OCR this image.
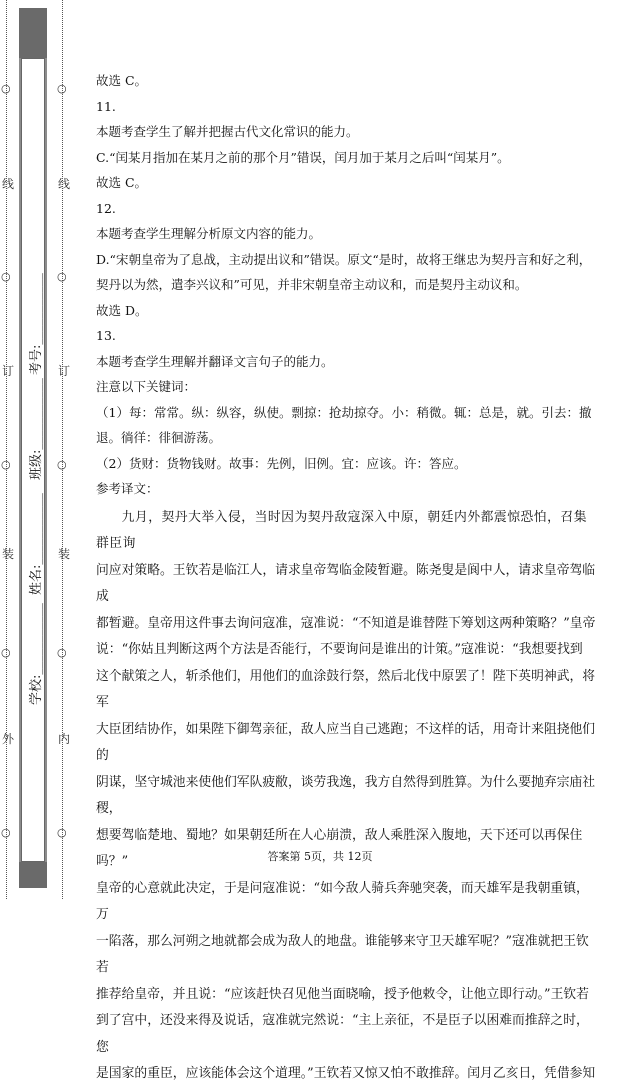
○
○
○
○
○
○
○
○
○
○
线
订
装
外
线
订
装
内
学校:___________
姓名:___________
班级:___________
考号:___________

故选 C。

11.

本题考查学生了解并把握古代文化常识的能力。

C.“闰某月指加在某月之前的那个月”错误，闰月加于某月之后叫“闰某月”。

故选 C。

12.

本题考查学生理解分析原文内容的能力。

D.“宋朝皇帝为了息战，主动提出议和”错误。原文“是时，故将王继忠为契丹言和好之利，

契丹以为然，遣李兴议和”可见，并非宋朝皇帝主动议和，而是契丹主动议和。

故选 D。

13.

本题考查学生理解并翻译文言句子的能力。

注意以下关键词：

（1）每：常常。纵：纵容，纵使。剽掠：抢劫掠夺。小：稍微。辄：总是，就。引去：撤

退。徜徉：徘徊游荡。

（2）货财：货物钱财。故事：先例，旧例。宜：应该。许：答应。

参考译文：

九月，契丹大举入侵，当时因为契丹敌寇深入中原，朝廷内外都震惊恐怕，召集群臣询

问应对策略。王钦若是临江人，请求皇帝驾临金陵暂避。陈尧叟是阆中人，请求皇帝驾临成

都暂避。皇帝用这件事去询问寇准，寇准说：“不知道是谁替陛下筹划这两种策略？”皇帝

说：“你姑且判断这两个方法是否能行，不要询问是谁出的计策。”寇准说：“我想要找到

这个献策之人，斩杀他们，用他们的血涂鼓行祭，然后北伐中原罢了！陛下英明神武，将军

大臣团结协作，如果陛下御驾亲征，敌人应当自己逃跑；不这样的话，用奇计来阻挠他们的

阴谋，坚守城池来使他们军队疲敝，谈劳我逸，我方自然得到胜算。为什么要抛弃宗庙社稷，

想要驾临楚地、蜀地？如果朝廷所在人心崩溃，敌人乘胜深入腹地，天下还可以再保住吗？”

皇帝的心意就此决定，于是问寇准说：“如今敌人骑兵奔驰突袭，而天雄军是我朝重镇，万

一陷落，那么河朔之地就都会成为敌人的地盘。谁能够来守卫天雄军呢？”寇准就把王钦若

推荐给皇帝，并且说：“应该赶快召见他当面晓喻，授予他敕令，让他立即行动。”王钦若

到了宫中，还没来得及说话，寇准就完然说：“主上亲征，不是臣子以困难而推辞之时，您

是国家的重臣，应该能体会这个道理。”王钦若又惊又怕不敢推辞。闰月乙亥日，凭借参知

答案第 5页，共 12页
